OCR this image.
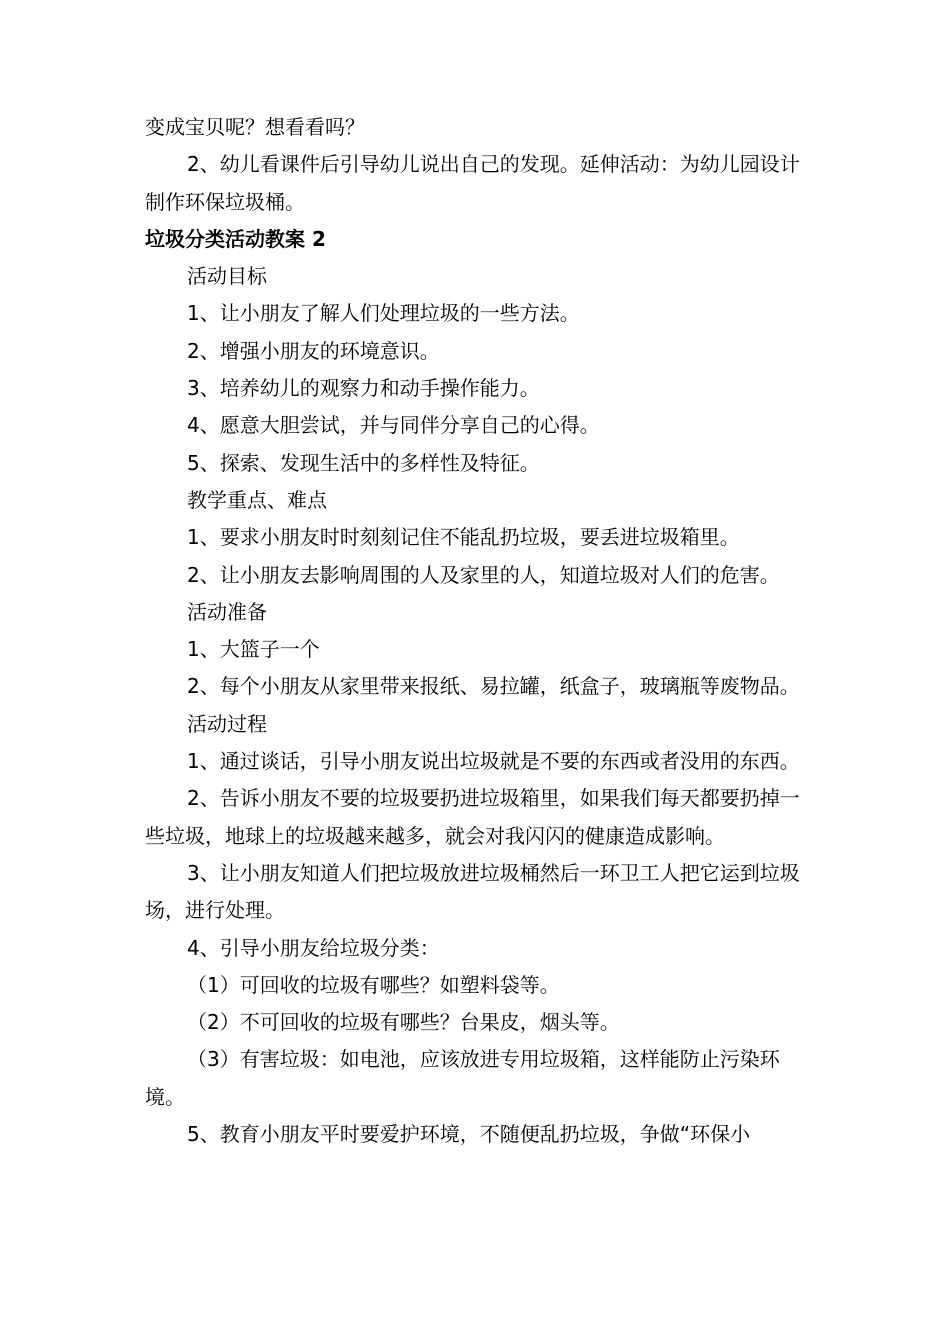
变成宝贝呢？想看看吗？

2、幼儿看课件后引导幼儿说出自己的发现。延伸活动：为幼儿园设计制作环保垃圾桶。

垃圾分类活动教案 2

活动目标

1、让小朋友了解人们处理垃圾的一些方法。

2、增强小朋友的环境意识。

3、培养幼儿的观察力和动手操作能力。

4、愿意大胆尝试，并与同伴分享自己的心得。

5、探索、发现生活中的多样性及特征。

教学重点、难点

1、要求小朋友时时刻刻记住不能乱扔垃圾，要丢进垃圾箱里。

2、让小朋友去影响周围的人及家里的人，知道垃圾对人们的危害。

活动准备

1、大篮子一个

2、每个小朋友从家里带来报纸、易拉罐，纸盒子，玻璃瓶等废物品。

活动过程

1、通过谈话，引导小朋友说出垃圾就是不要的东西或者没用的东西。

2、告诉小朋友不要的垃圾要扔进垃圾箱里，如果我们每天都要扔掉一些垃圾，地球上的垃圾越来越多，就会对我闪闪的健康造成影响。

3、让小朋友知道人们把垃圾放进垃圾桶然后一环卫工人把它运到垃圾场，进行处理。

4、引导小朋友给垃圾分类：

（1）可回收的垃圾有哪些？如塑料袋等。

（2）不可回收的垃圾有哪些？台果皮，烟头等。

（3）有害垃圾：如电池，应该放进专用垃圾箱，这样能防止污染环境。

5、教育小朋友平时要爱护环境，不随便乱扔垃圾，争做“环保小
